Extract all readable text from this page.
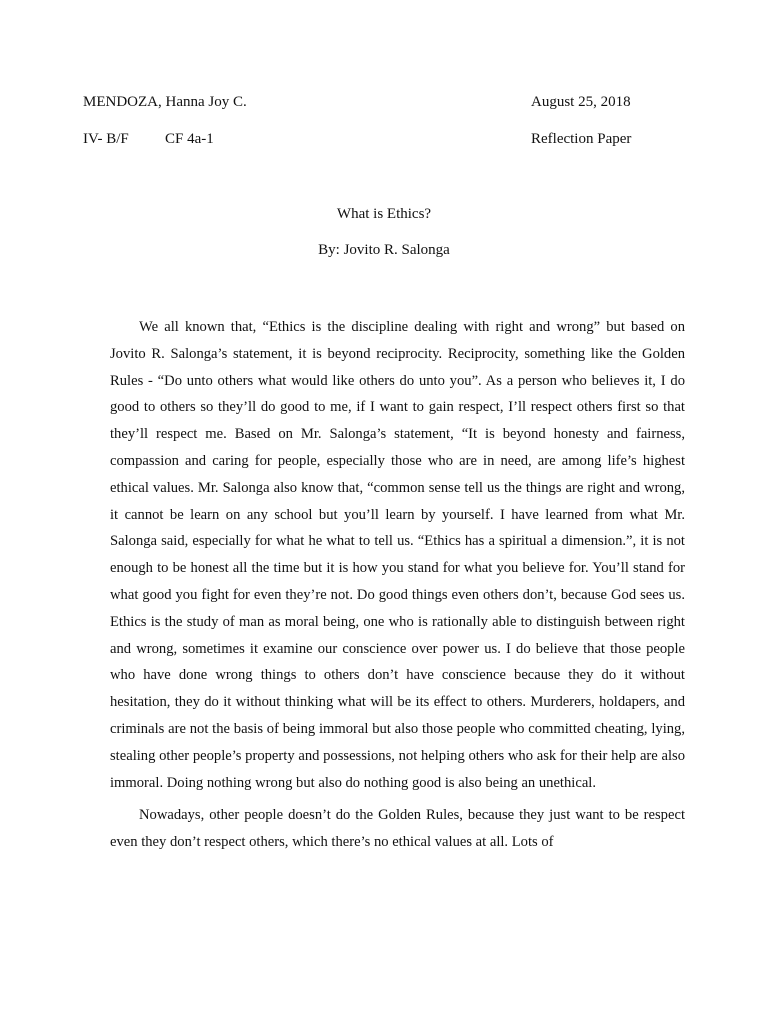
MENDOZA, Hanna Joy C.	August 25, 2018
IV- B/F CF 4a-1	Reflection Paper
What is Ethics?
By: Jovito R. Salonga

We all known that, “Ethics is the discipline dealing with right and wrong” but based on Jovito R. Salonga’s statement, it is beyond reciprocity. Reciprocity, something like the Golden Rules - “Do unto others what would like others do unto you”. As a person who believes it, I do good to others so they’ll do good to me, if I want to gain respect, I’ll respect others first so that they’ll respect me. Based on Mr. Salonga’s statement, “It is beyond honesty and fairness, compassion and caring for people, especially those who are in need, are among life’s highest ethical values. Mr. Salonga also know that, “common sense tell us the things are right and wrong, it cannot be learn on any school but you’ll learn by yourself. I have learned from what Mr. Salonga said, especially for what he what to tell us. “Ethics has a spiritual a dimension.”, it is not enough to be honest all the time but it is how you stand for what you believe for. You’ll stand for what good you fight for even they’re not. Do good things even others don’t, because God sees us. Ethics is the study of man as moral being, one who is rationally able to distinguish between right and wrong, sometimes it examine our conscience over power us. I do believe that those people who have done wrong things to others don’t have conscience because they do it without hesitation, they do it without thinking what will be its effect to others. Murderers, holdapers, and criminals are not the basis of being immoral but also those people who committed cheating, lying, stealing other people’s property and possessions, not helping others who ask for their help are also immoral. Doing nothing wrong but also do nothing good is also being an unethical.

Nowadays, other people doesn’t do the Golden Rules, because they just want to be respect even they don’t respect others, which there’s no ethical values at all. Lots of
